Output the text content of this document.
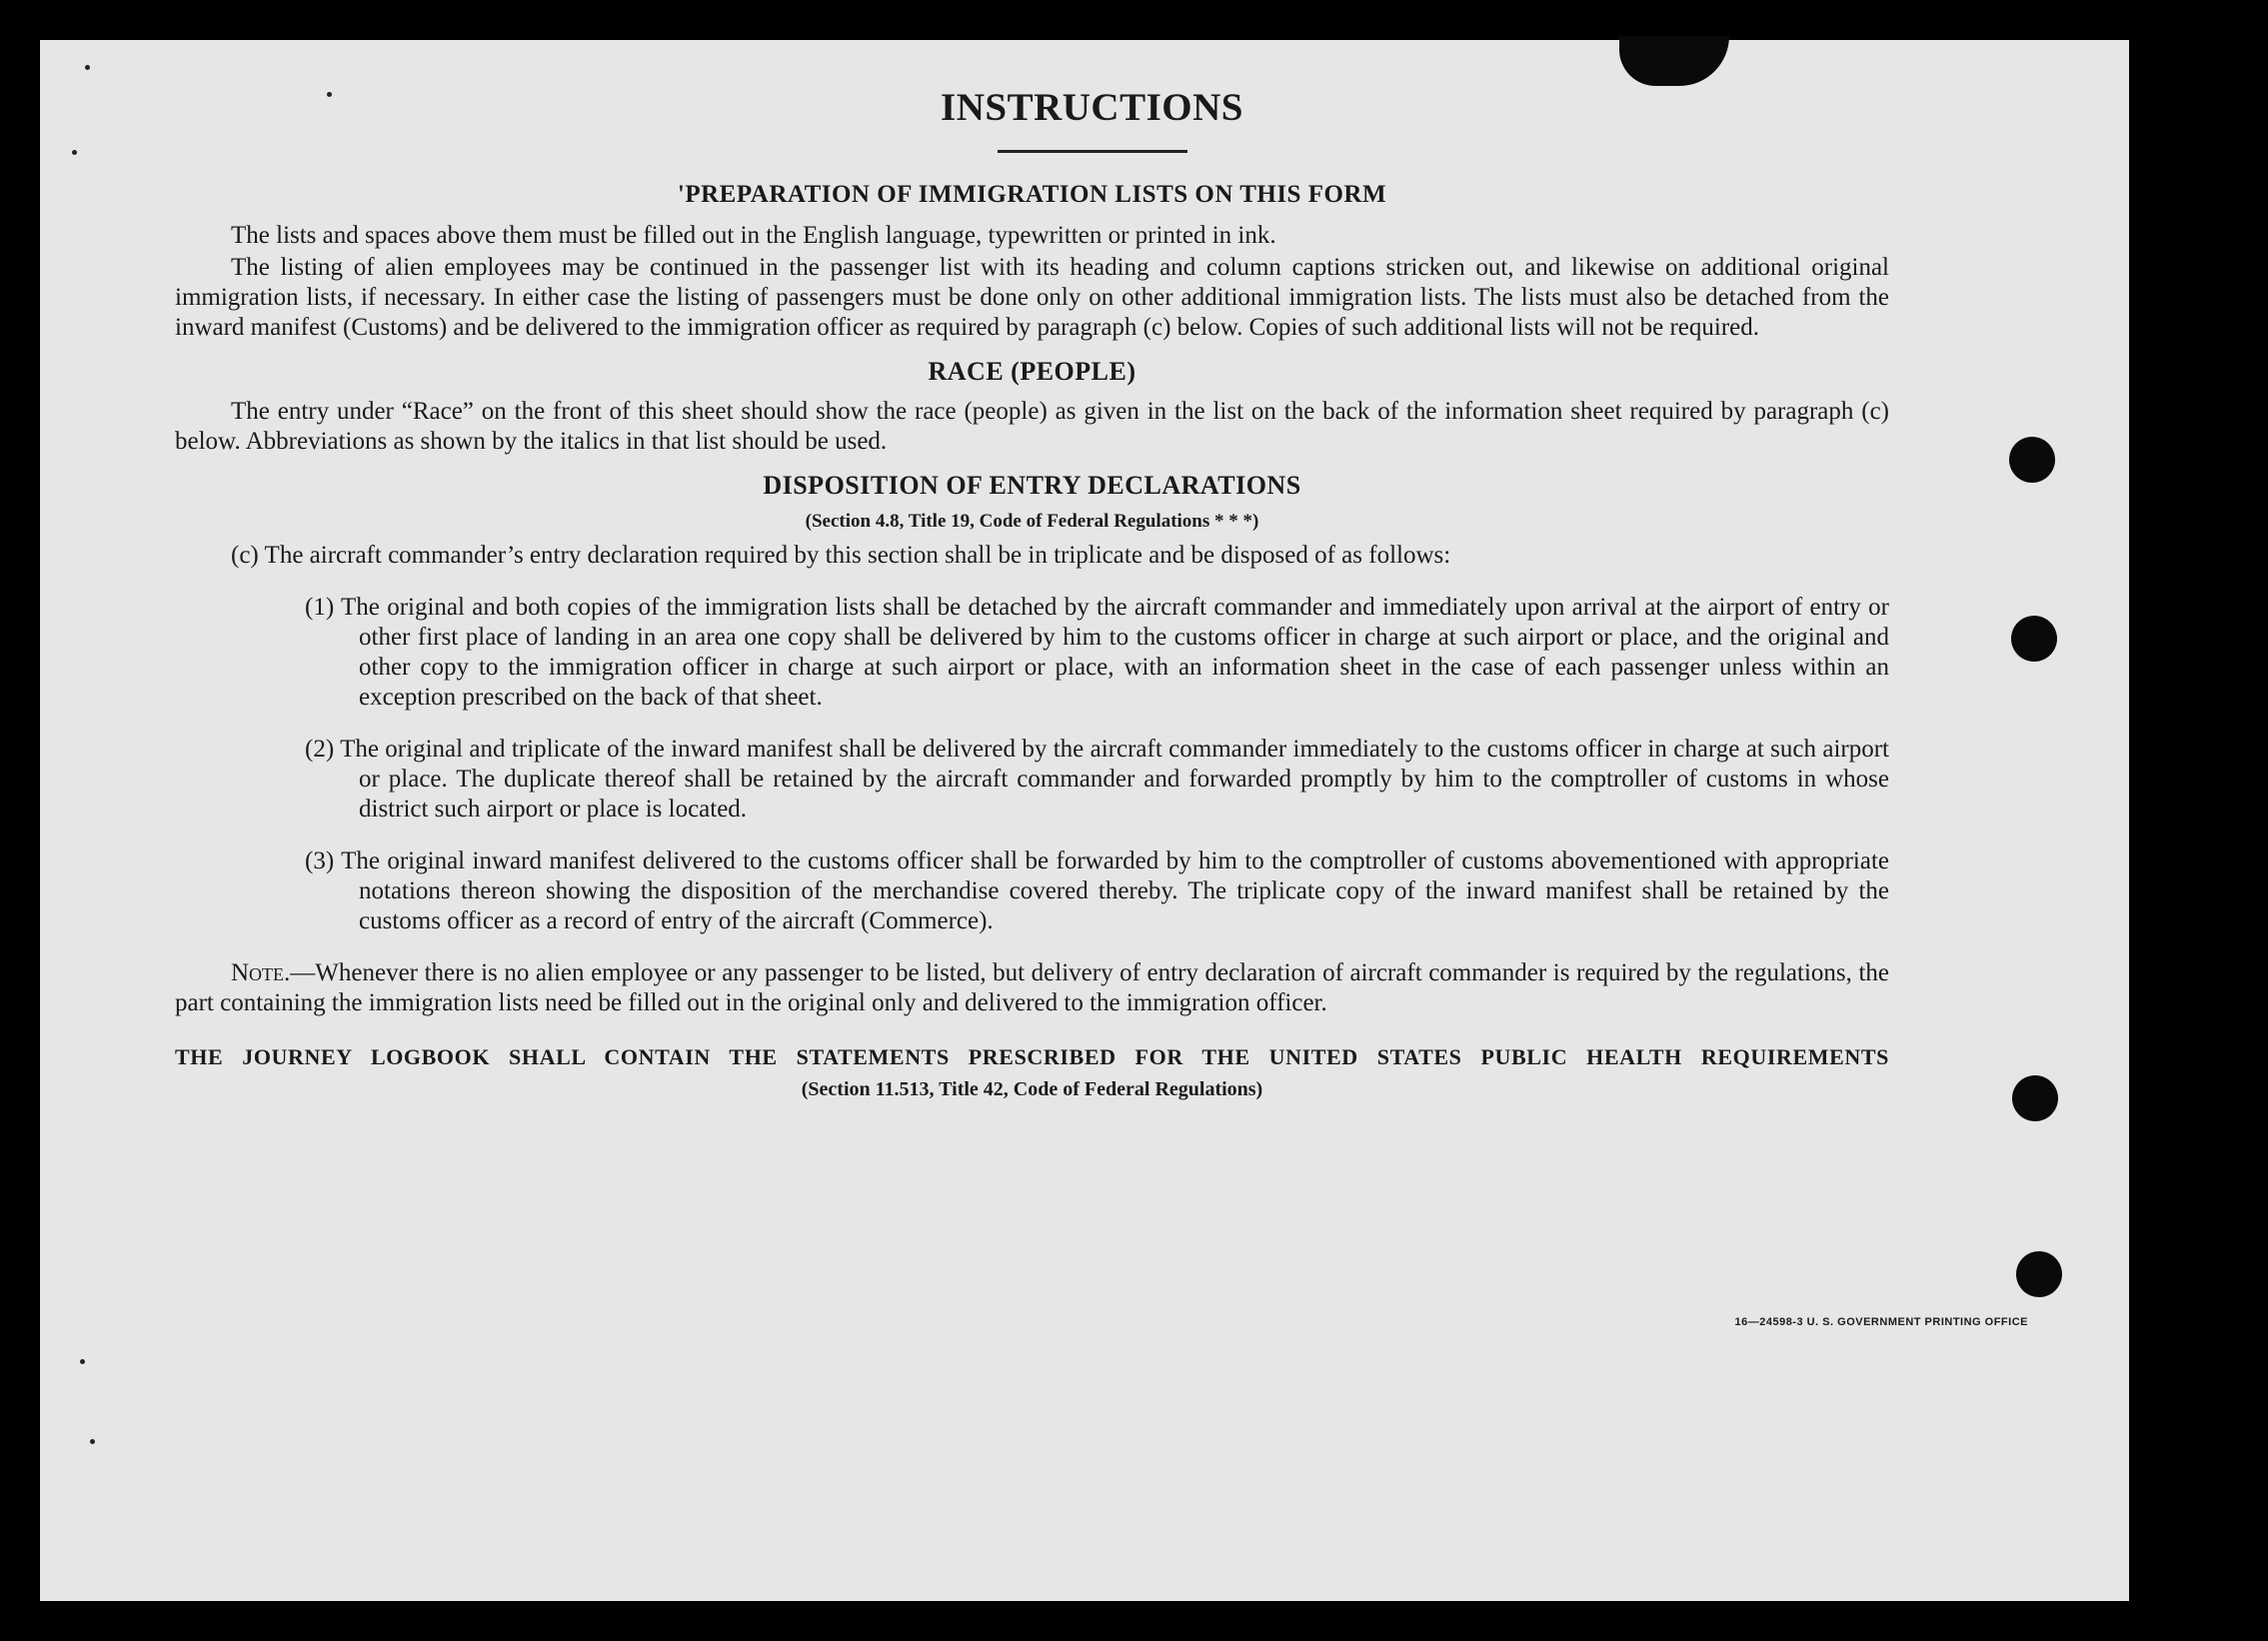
INSTRUCTIONS
'PREPARATION OF IMMIGRATION LISTS ON THIS FORM

The lists and spaces above them must be filled out in the English language, typewritten or printed in ink.

The listing of alien employees may be continued in the passenger list with its heading and column captions stricken out, and likewise on additional original immigration lists, if necessary. In either case the listing of passengers must be done only on other additional immigration lists. The lists must also be detached from the inward manifest (Customs) and be delivered to the immigration officer as required by paragraph (c) below. Copies of such additional lists will not be required.

RACE (PEOPLE)

The entry under “Race” on the front of this sheet should show the race (people) as given in the list on the back of the information sheet required by paragraph (c) below. Abbreviations as shown by the italics in that list should be used.

DISPOSITION OF ENTRY DECLARATIONS

(Section 4.8, Title 19, Code of Federal Regulations * * *)

(c) The aircraft commander’s entry declaration required by this section shall be in triplicate and be disposed of as follows:

(1) The original and both copies of the immigration lists shall be detached by the aircraft commander and immediately upon arrival at the airport of entry or other first place of landing in an area one copy shall be delivered by him to the customs officer in charge at such airport or place, and the original and other copy to the immigration officer in charge at such airport or place, with an information sheet in the case of each passenger unless within an exception prescribed on the back of that sheet.

(2) The original and triplicate of the inward manifest shall be delivered by the aircraft commander immediately to the customs officer in charge at such airport or place. The duplicate thereof shall be retained by the aircraft commander and forwarded promptly by him to the comptroller of customs in whose district such airport or place is located.

(3) The original inward manifest delivered to the customs officer shall be forwarded by him to the comptroller of customs abovementioned with appropriate notations thereon showing the disposition of the merchandise covered thereby. The triplicate copy of the inward manifest shall be retained by the customs officer as a record of entry of the aircraft (Commerce).

Note.—Whenever there is no alien employee or any passenger to be listed, but delivery of entry declaration of aircraft commander is required by the regulations, the part containing the immigration lists need be filled out in the original only and delivered to the immigration officer.

THE JOURNEY LOGBOOK SHALL CONTAIN THE STATEMENTS PRESCRIBED FOR THE UNITED STATES PUBLIC HEALTH REQUIREMENTS

(Section 11.513, Title 42, Code of Federal Regulations)

16—24598-3 U. S. GOVERNMENT PRINTING OFFICE
